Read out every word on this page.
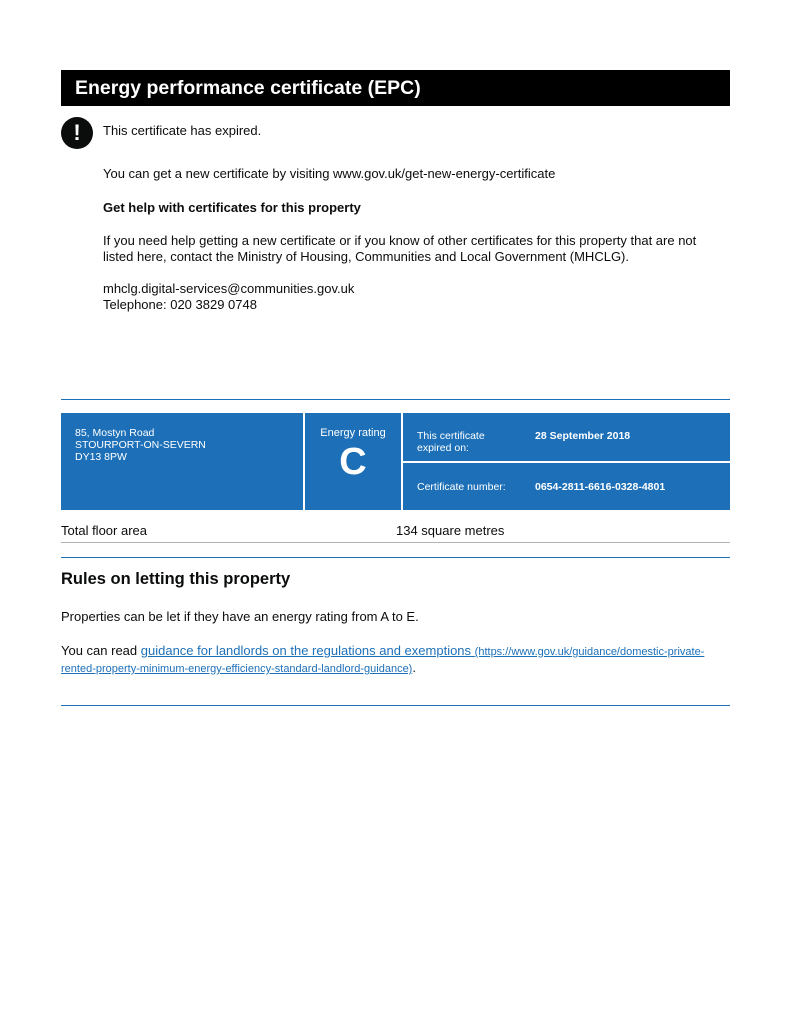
Energy performance certificate (EPC)
!	This certificate has expired.

You can get a new certificate by visiting www.gov.uk/get-new-energy-certificate

Get help with certificates for this property

If you need help getting a new certificate or if you know of other certificates for this property that are not listed here, contact the Ministry of Housing, Communities and Local Government (MHCLG).

mhclg.digital-services@communities.gov.uk

Telephone: 020 3829 0748

85, Mostyn Road
STOURPORT-ON-SEVERN
DY13 8PW
Energy rating
C
This certificate expired on:
28 September 2018
Certificate number:	0654-2811-6616-0328-4801
Total floor area	134 square metres
Rules on letting this property

Properties can be let if they have an energy rating from A to E.

You can read guidance for landlords on the regulations and exemptions (https://www.gov.uk/guidance/domestic-private-rented-property-minimum-energy-efficiency-standard-landlord-guidance).
